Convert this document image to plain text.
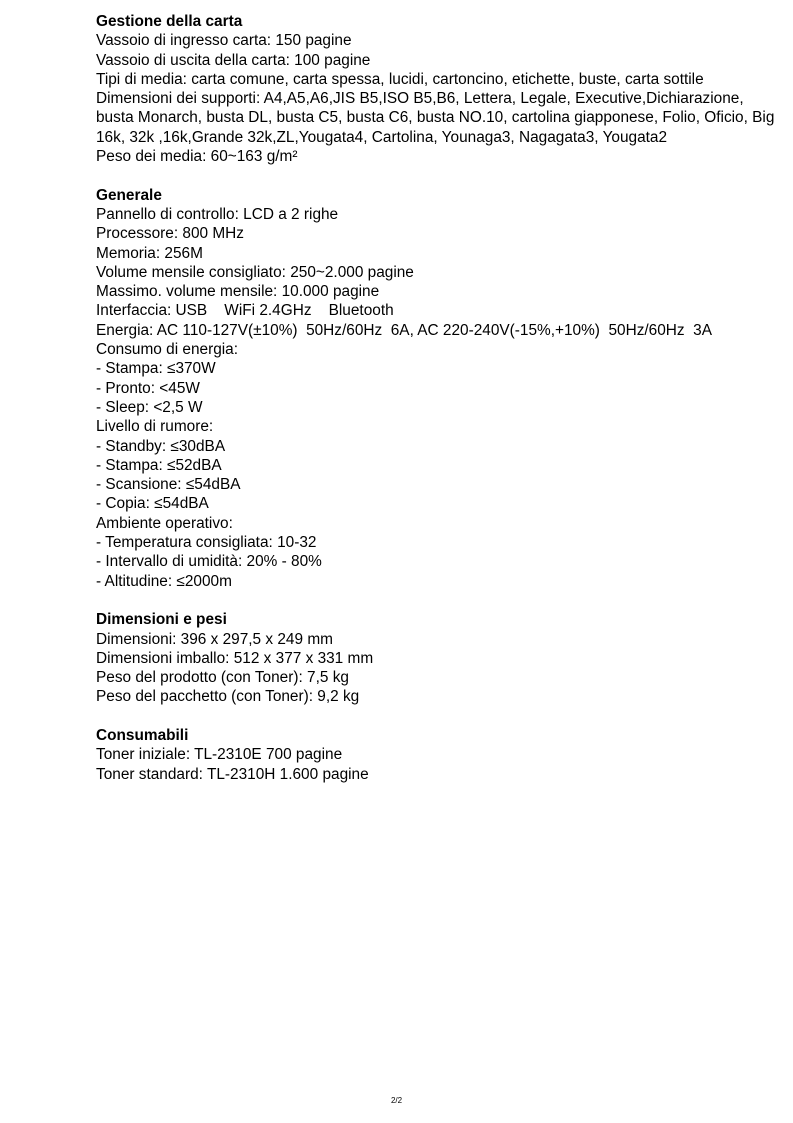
Gestione della carta
Vassoio di ingresso carta: 150 pagine
Vassoio di uscita della carta: 100 pagine
Tipi di media: carta comune, carta spessa, lucidi, cartoncino, etichette, buste, carta sottile
Dimensioni dei supporti: A4,A5,A6,JIS B5,ISO B5,B6, Lettera, Legale, Executive,Dichiarazione, busta Monarch, busta DL, busta C5, busta C6, busta NO.10, cartolina giapponese, Folio, Oficio, Big 16k, 32k ,16k,Grande 32k,ZL,Yougata4, Cartolina, Younaga3, Nagagata3, Yougata2
Peso dei media: 60~163 g/m²
Generale
Pannello di controllo: LCD a 2 righe
Processore: 800 MHz
Memoria: 256M
Volume mensile consigliato: 250~2.000 pagine
Massimo. volume mensile: 10.000 pagine
Interfaccia: USB    WiFi 2.4GHz    Bluetooth
Energia: AC 110-127V(±10%)  50Hz/60Hz  6A, AC 220-240V(-15%,+10%)  50Hz/60Hz  3A
Consumo di energia:
- Stampa: ≤370W
- Pronto: <45W
- Sleep: <2,5 W
Livello di rumore:
- Standby: ≤30dBA
- Stampa: ≤52dBA
- Scansione: ≤54dBA
- Copia: ≤54dBA
Ambiente operativo:
- Temperatura consigliata: 10-32
- Intervallo di umidità: 20% - 80%
- Altitudine: ≤2000m
Dimensioni e pesi
Dimensioni: 396 x 297,5 x 249 mm
Dimensioni imballo: 512 x 377 x 331 mm
Peso del prodotto (con Toner): 7,5 kg
Peso del pacchetto (con Toner): 9,2 kg
Consumabili
Toner iniziale: TL-2310E 700 pagine
Toner standard: TL-2310H 1.600 pagine
2/2
